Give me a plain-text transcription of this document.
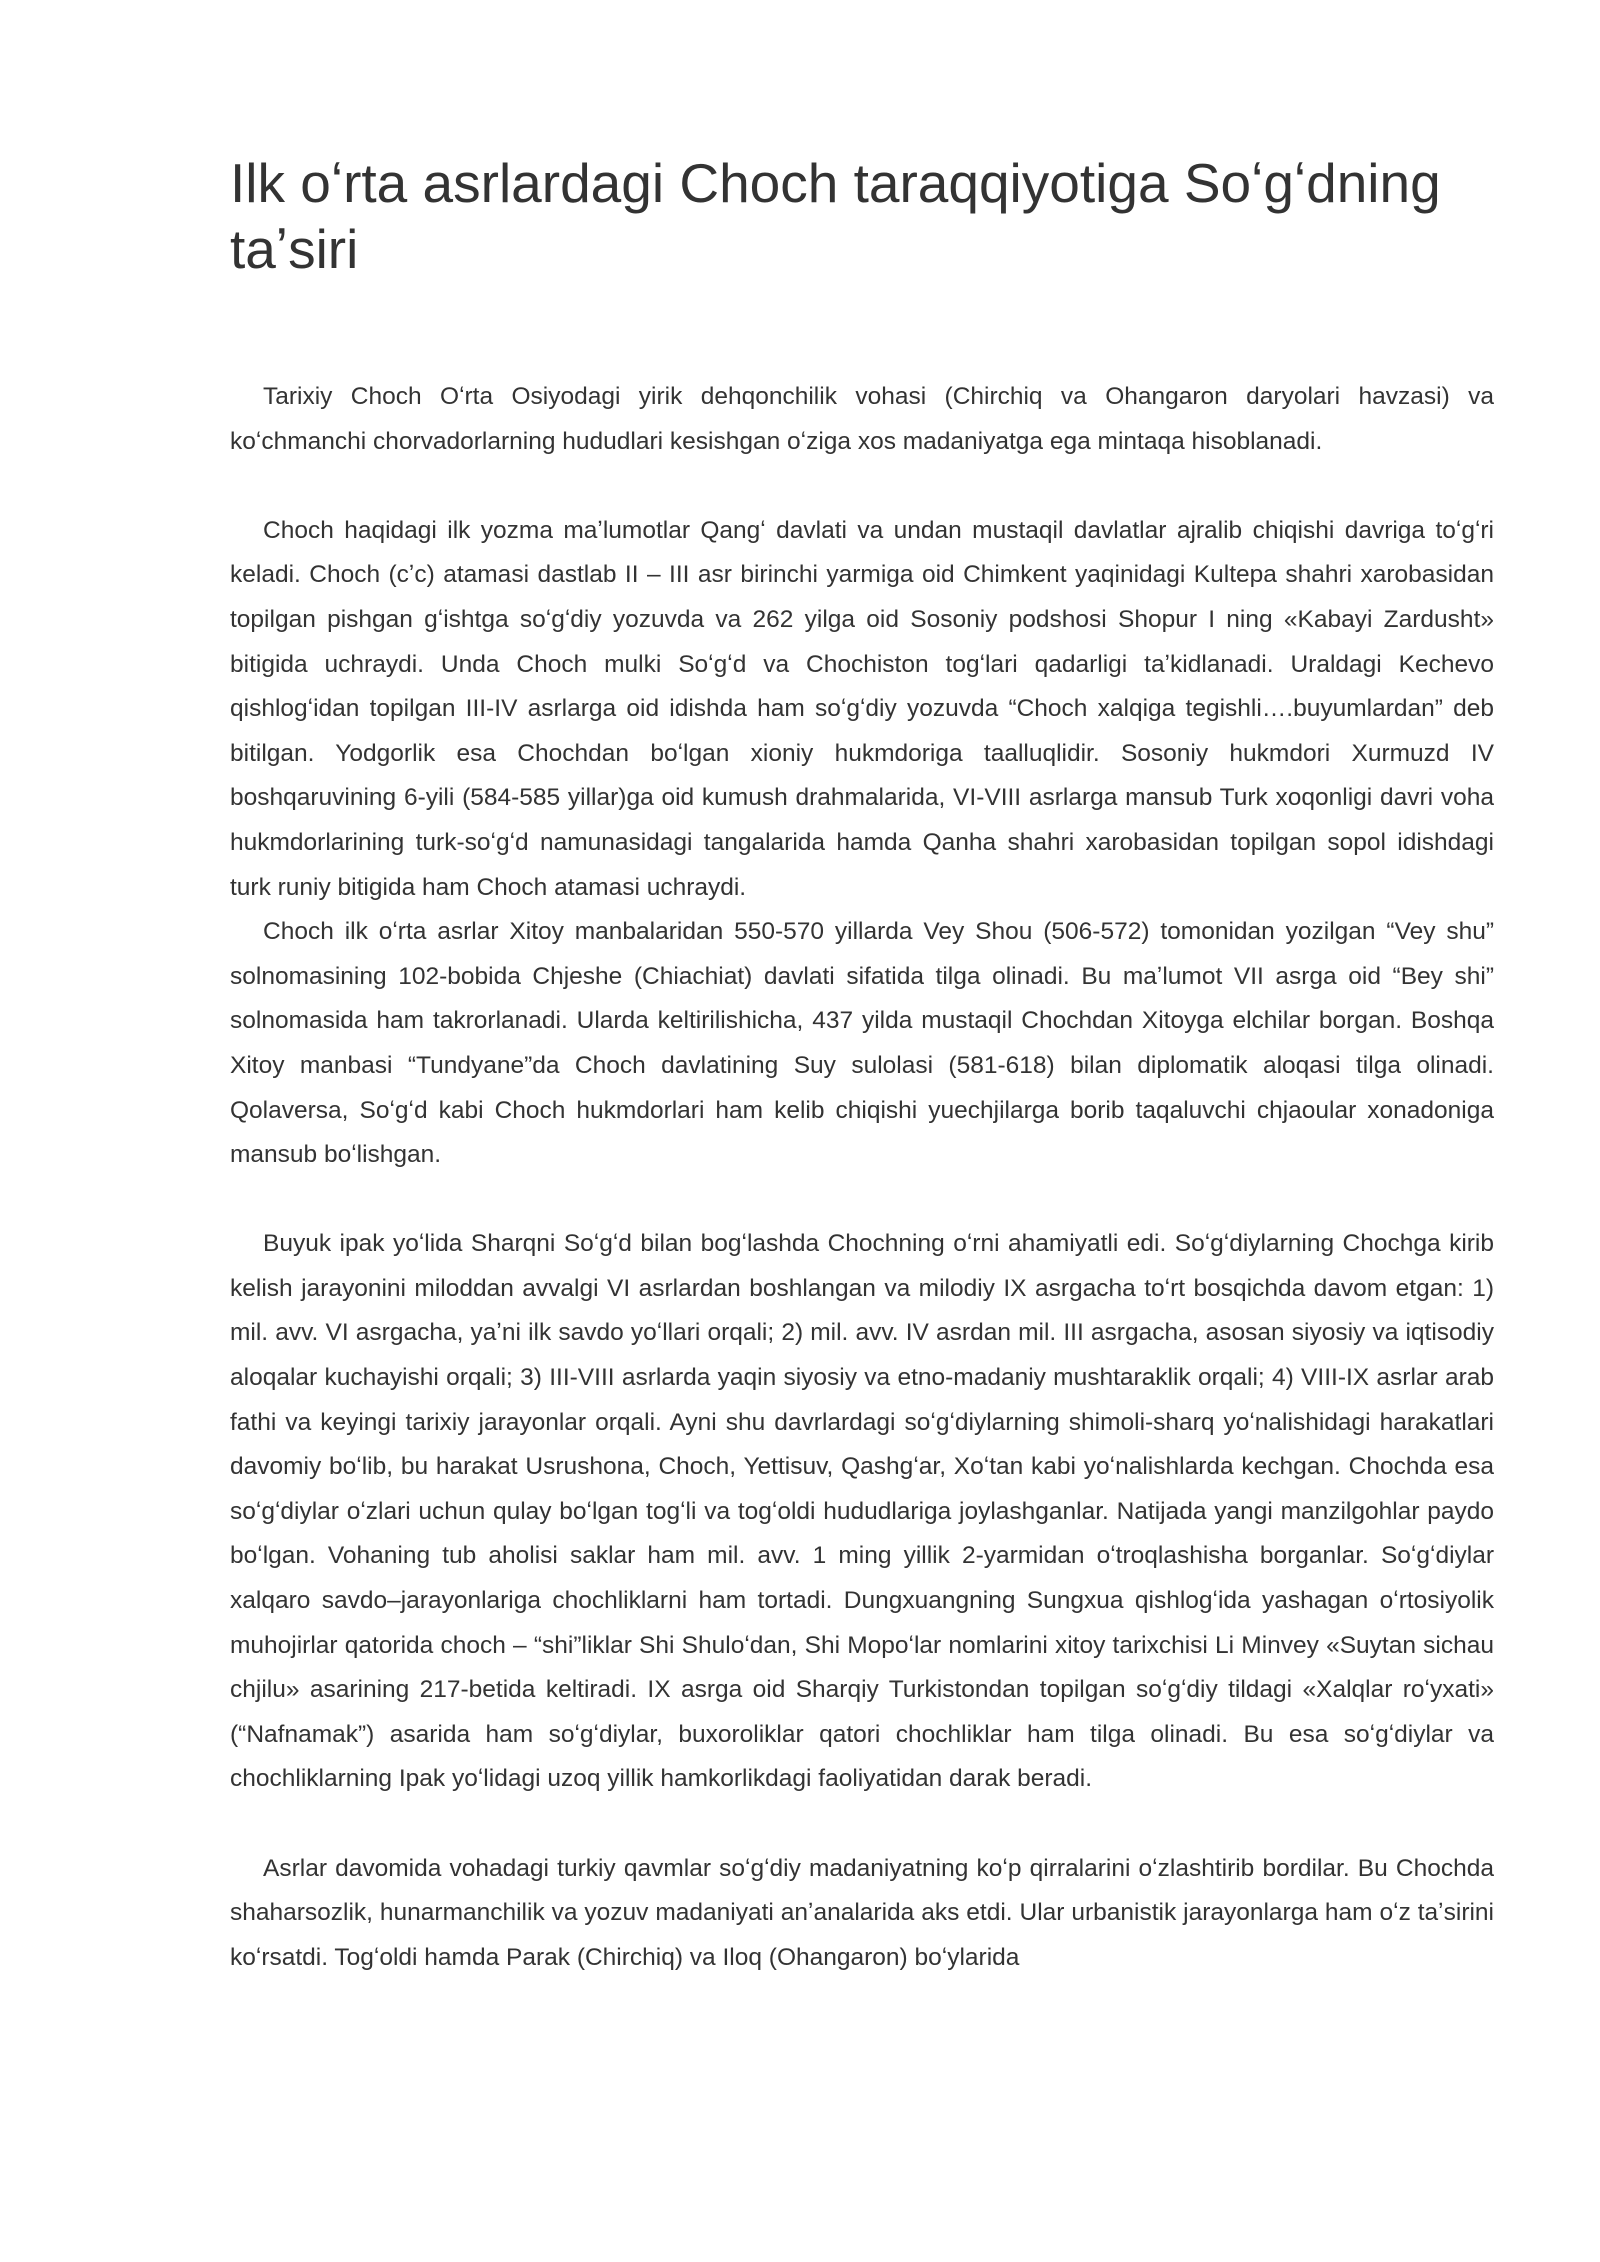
Ilk oʻrta asrlardagi Choch taraqqiyotiga Soʻgʻdning taʼsiri

Tarixiy Choch Oʻrta Osiyodagi yirik dehqonchilik vohasi (Chirchiq va Ohangaron daryolari havzasi) va koʻchmanchi chorvadorlarning hududlari kesishgan oʻziga xos madaniyatga ega mintaqa hisoblanadi.

Choch haqidagi ilk yozma maʼlumotlar Qangʻ davlati va undan mustaqil davlatlar ajralib chiqishi davriga toʻgʻri keladi. Choch (cʼc) atamasi dastlab II – III asr birinchi yarmiga oid Chimkent yaqinidagi Kultepa shahri xarobasidan topilgan pishgan gʻishtga soʻgʻdiy yozuvda va 262 yilga oid Sosoniy podshosi Shopur I ning «Kabayi Zardusht» bitigida uchraydi. Unda Choch mulki Soʻgʻd va Chochiston togʻlari qadarligi taʼkidlanadi. Uraldagi Kechevo qishlogʻidan topilgan III-IV asrlarga oid idishda ham soʻgʻdiy yozuvda “Choch xalqiga tegishli….buyumlardan” deb bitilgan. Yodgorlik esa Chochdan boʻlgan xioniy hukmdoriga taalluqlidir. Sosoniy hukmdori Xurmuzd IV boshqaruvining 6-yili (584-585 yillar)ga oid kumush drahmalarida, VI-VIII asrlarga mansub Turk xoqonligi davri voha hukmdorlarining turk-soʻgʻd namunasidagi tangalarida hamda Qanha shahri xarobasidan topilgan sopol idishdagi turk runiy bitigida ham Choch atamasi uchraydi.

Choch ilk oʻrta asrlar Xitoy manbalaridan 550-570 yillarda Vey Shou (506-572) tomonidan yozilgan “Vey shu” solnomasining 102-bobida Chjeshe (Chiachiat) davlati sifatida tilga olinadi. Bu maʼlumot VII asrga oid “Bey shi” solnomasida ham takrorlanadi. Ularda keltirilishicha, 437 yilda mustaqil Chochdan Xitoyga elchilar borgan. Boshqa Xitoy manbasi “Tundyane”da Choch davlatining Suy sulolasi (581-618) bilan diplomatik aloqasi tilga olinadi. Qolaversa, Soʻgʻd kabi Choch hukmdorlari ham kelib chiqishi yuechjilarga borib taqaluvchi chjaoular xonadoniga mansub boʻlishgan.

Buyuk ipak yoʻlida Sharqni Soʻgʻd bilan bogʻlashda Chochning oʻrni ahamiyatli edi. Soʻgʻdiylarning Chochga kirib kelish jarayonini miloddan avvalgi VI asrlardan boshlangan va milodiy IX asrgacha toʻrt bosqichda davom etgan: 1) mil. avv. VI asrgacha, yaʼni ilk savdo yoʻllari orqali; 2) mil. avv. IV asrdan mil. III asrgacha, asosan siyosiy va iqtisodiy aloqalar kuchayishi orqali; 3) III-VIII asrlarda yaqin siyosiy va etno-madaniy mushtaraklik orqali; 4) VIII-IX asrlar arab fathi va keyingi tarixiy jarayonlar orqali. Ayni shu davrlardagi soʻgʻdiylarning shimoli-sharq yoʻnalishidagi harakatlari davomiy boʻlib, bu harakat Usrushona, Choch, Yettisuv, Qashgʻar, Xoʻtan kabi yoʻnalishlarda kechgan. Chochda esa soʻgʻdiylar oʻzlari uchun qulay boʻlgan togʻli va togʻoldi hududlariga joylashganlar. Natijada yangi manzilgohlar paydo boʻlgan. Vohaning tub aholisi saklar ham mil. avv. 1 ming yillik 2-yarmidan oʻtroqlashisha borganlar. Soʻgʻdiylar xalqaro savdo–jarayonlariga chochliklarni ham tortadi. Dungxuangning Sungxua qishlogʻida yashagan oʻrtosiyolik muhojirlar qatorida choch – “shi”liklar Shi Shuloʻdan, Shi Mopoʻlar nomlarini xitoy tarixchisi Li Minvey «Suytan sichau chjilu» asarining 217-betida keltiradi. IX asrga oid Sharqiy Turkistondan topilgan soʻgʻdiy tildagi «Xalqlar roʻyxati» (“Nafnamak”) asarida ham soʻgʻdiylar, buxoroliklar qatori chochliklar ham tilga olinadi. Bu esa soʻgʻdiylar va chochliklarning Ipak yoʻlidagi uzoq yillik hamkorlikdagi faoliyatidan darak beradi.

Asrlar davomida vohadagi turkiy qavmlar soʻgʻdiy madaniyatning koʻp qirralarini oʻzlashtirib bordilar. Bu Chochda shaharsozlik, hunarmanchilik va yozuv madaniyati anʼanalarida aks etdi. Ular urbanistik jarayonlarga ham oʻz taʼsirini koʻrsatdi. Togʻoldi hamda Parak (Chirchiq) va Iloq (Ohangaron) boʻylarida
